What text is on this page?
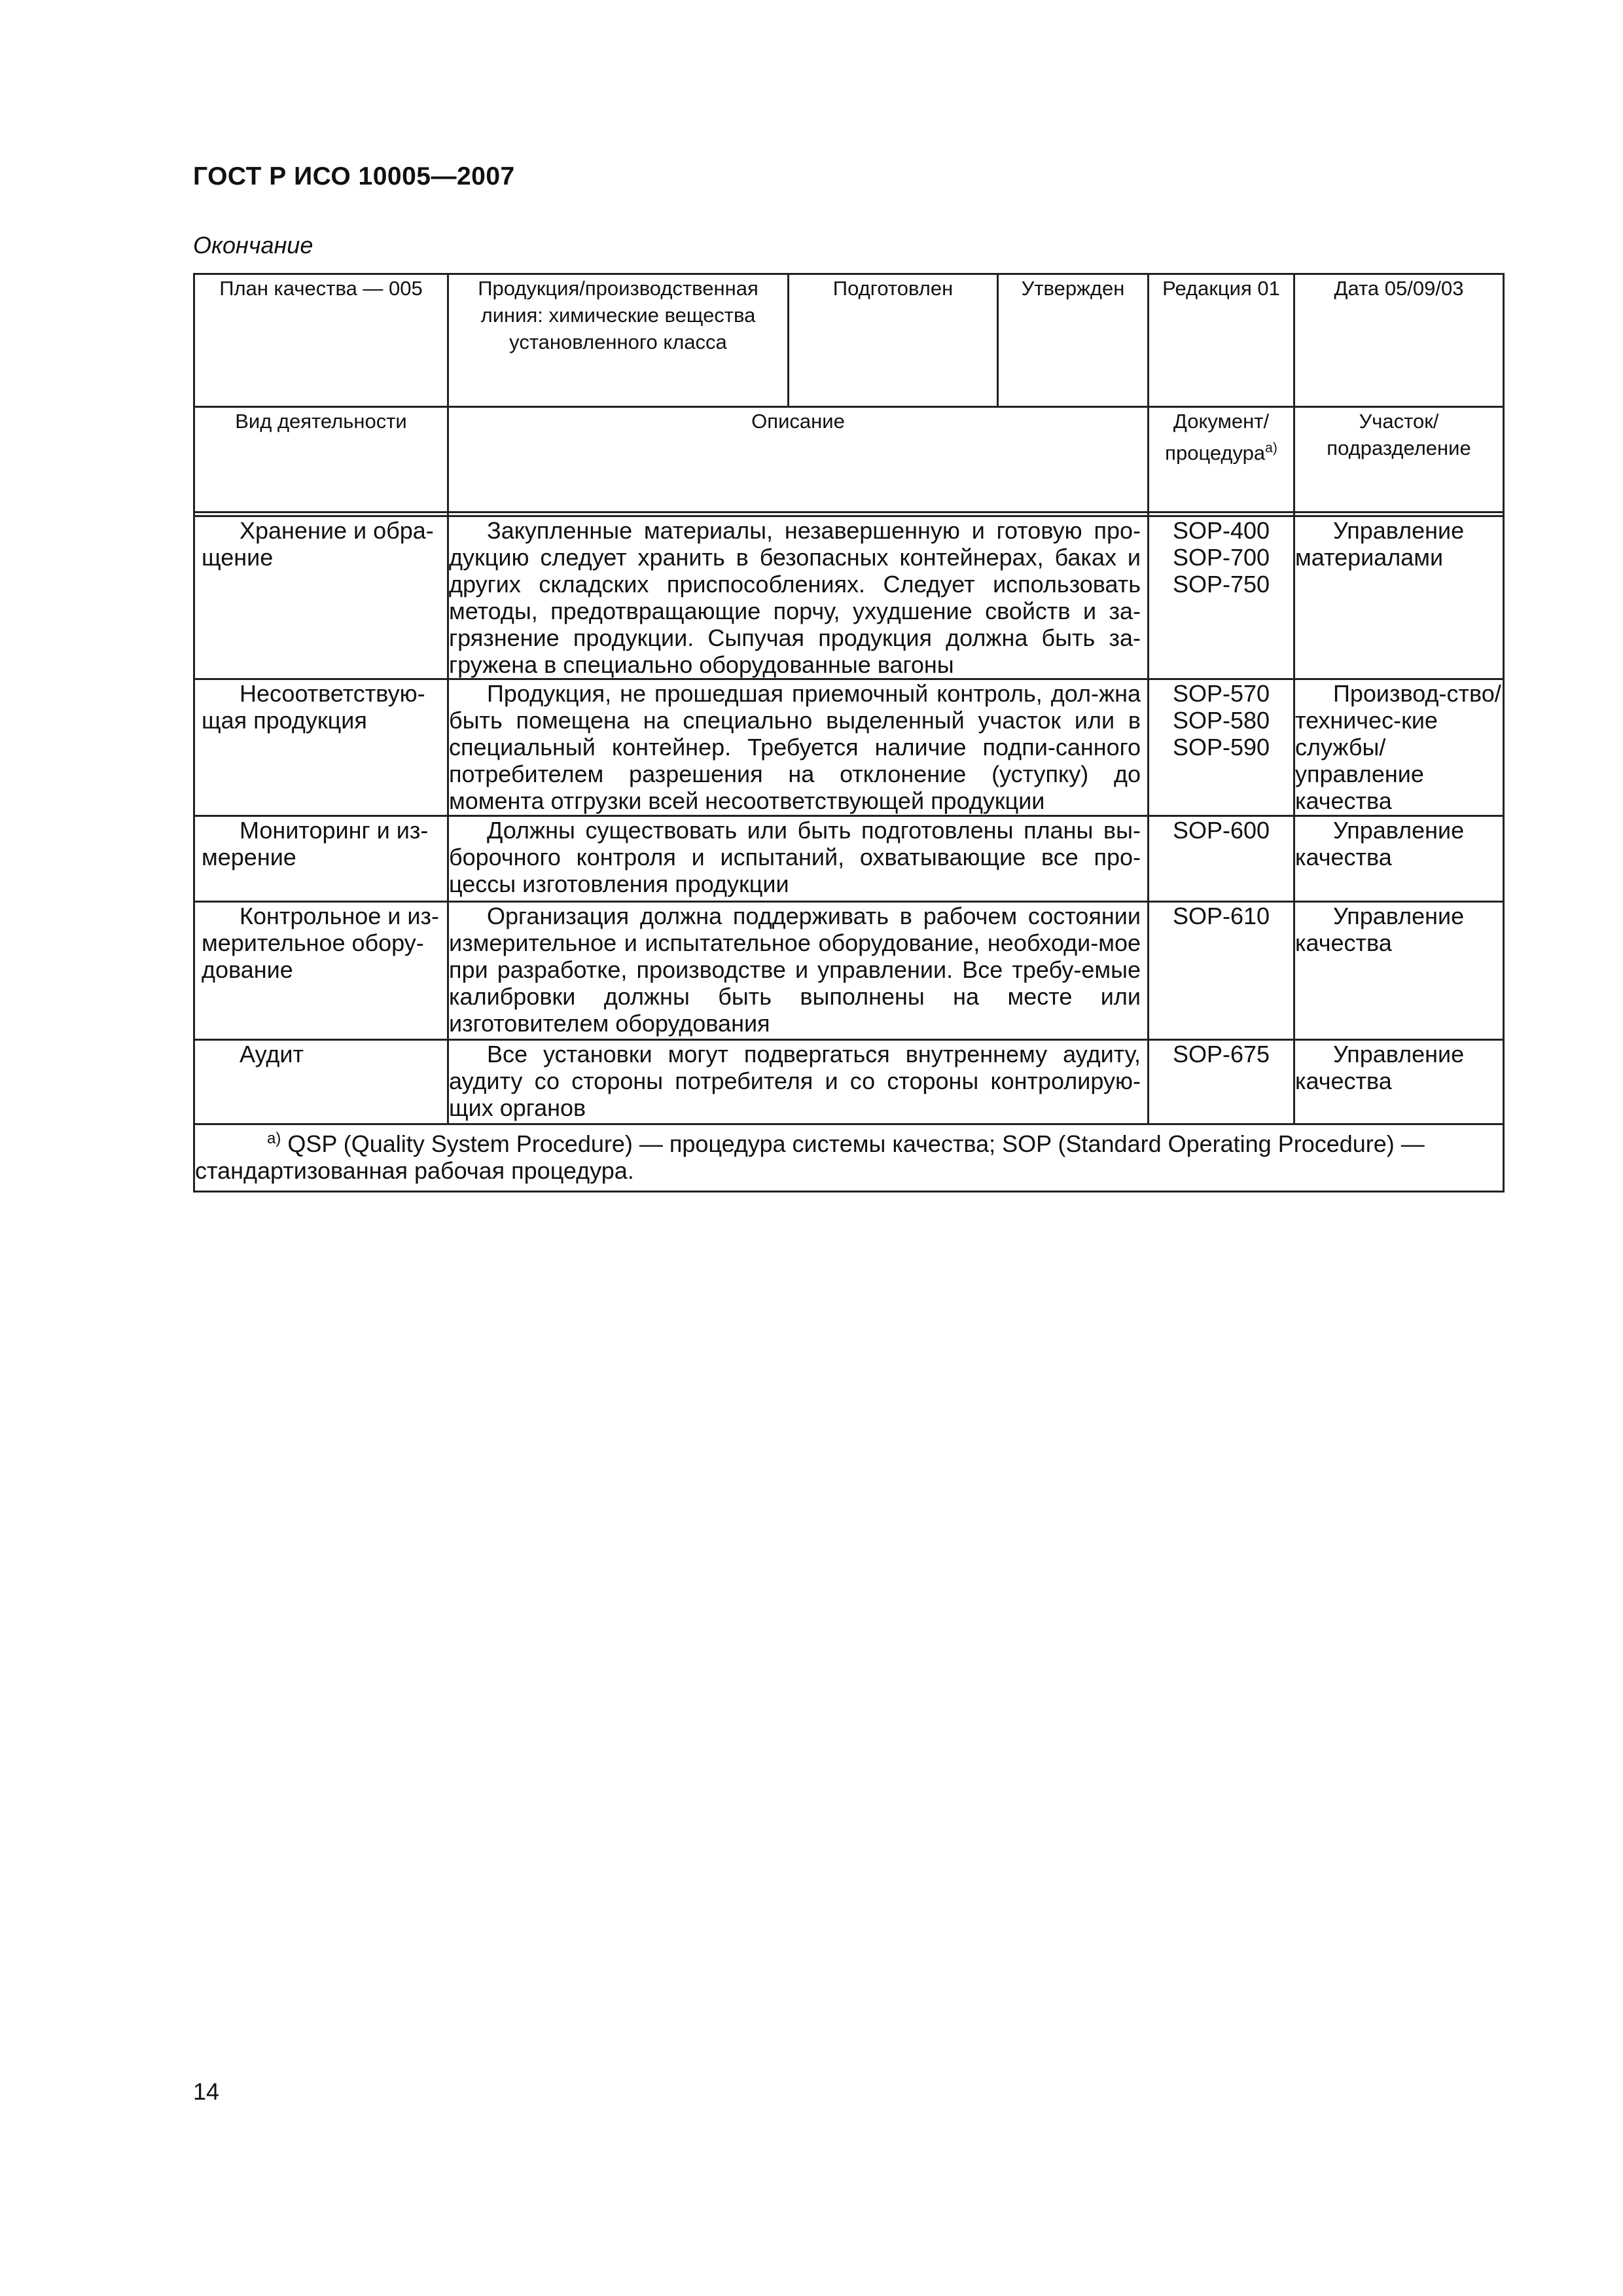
ГОСТ Р ИСО 10005—2007
Окончание
План качества — 005	Продукция/производственная линия: химические вещества установленного класса	Подготовлен	Утвержден	Редакция 01	Дата 05/09/03
Вид деятельности	Описание			Документ/ процедура$^{a)}$	Участок/ подразделение

Хранение и обра-щение	Закупленные материалы, незавершенную и готовую про-дукцию следует хранить в безопасных контейнерах, баках и других складских приспособлениях. Следует использовать методы, предотвращающие порчу, ухудшение свойств и за-грязнение продукции. Сыпучая продукция должна быть за-гружена в специально оборудованные вагоны			SOP-400 SOP-700 SOP-750	Управление материалами
Несоответствую-щая продукция	Продукция, не прошедшая приемочный контроль, дол-жна быть помещена на специально выделенный участок или в специальный контейнер. Требуется наличие подпи-санного потребителем разрешения на отклонение (уступку) до момента отгрузки всей несоответствующей продукции			SOP-570 SOP-580 SOP-590	Производ-ство/техничес-кие службы/ управление качества
Мониторинг и из-мерение	Должны существовать или быть подготовлены планы вы-борочного контроля и испытаний, охватывающие все про-цессы изготовления продукции			SOP-600	Управление качества
Контрольное и из-мерительное обору-дование	Организация должна поддерживать в рабочем состоянии измерительное и испытательное оборудование, необходи-мое при разработке, производстве и управлении. Все требу-емые калибровки должны быть выполнены на месте или изготовителем оборудования			SOP-610	Управление качества
Аудит	Все установки могут подвергаться внутреннему аудиту, аудиту со стороны потребителя и со стороны контролирую-щих органов			SOP-675	Управление качества
$^{a)}$ QSP (Quality System Procedure) — процедура системы качества; SOP (Standard Operating Procedure) — стандартизованная рабочая процедура.					
14
